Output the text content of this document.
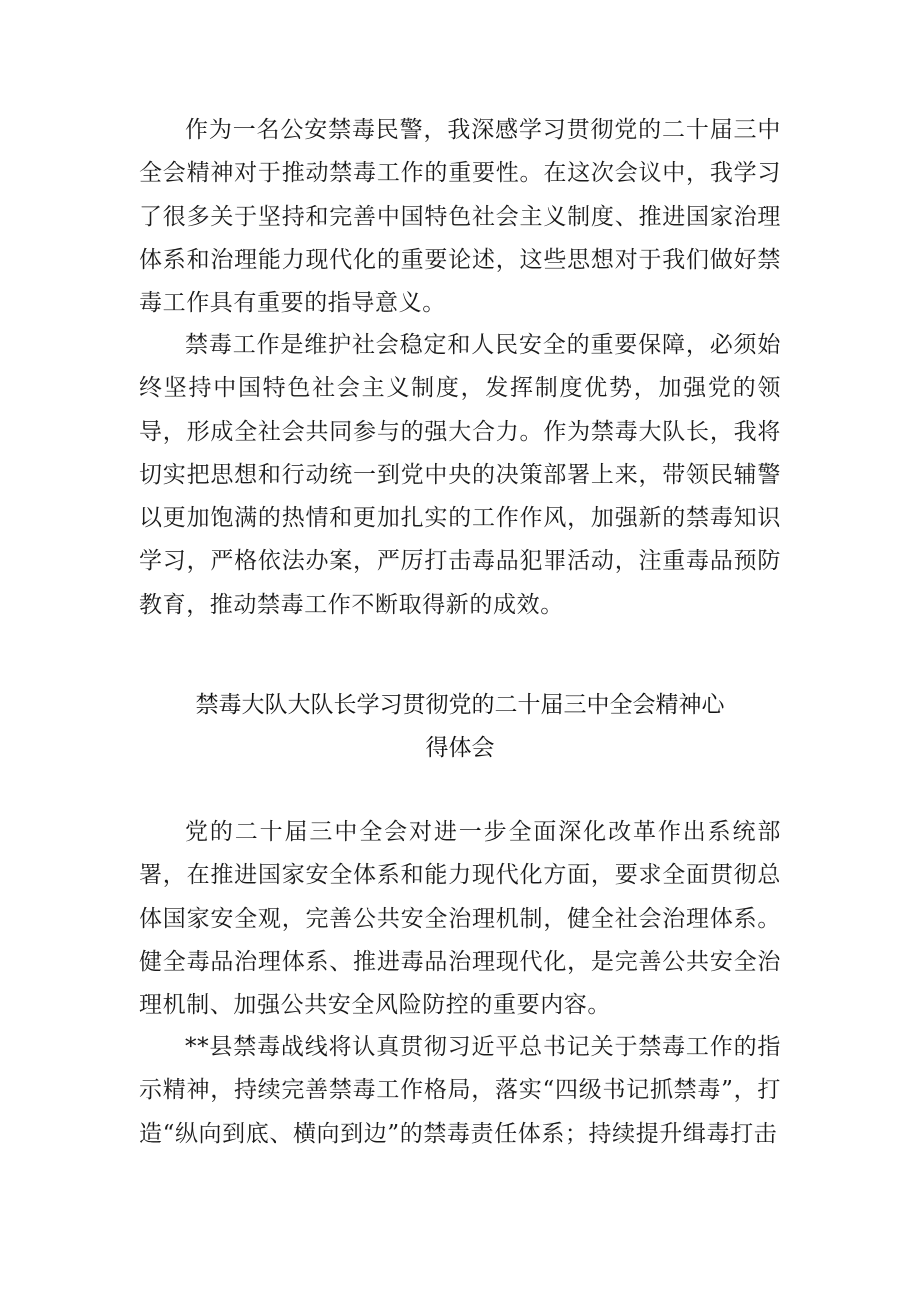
作为一名公安禁毒民警，我深感学习贯彻党的二十届三中全会精神对于推动禁毒工作的重要性。在这次会议中，我学习了很多关于坚持和完善中国特色社会主义制度、推进国家治理体系和治理能力现代化的重要论述，这些思想对于我们做好禁毒工作具有重要的指导意义。

禁毒工作是维护社会稳定和人民安全的重要保障，必须始终坚持中国特色社会主义制度，发挥制度优势，加强党的领导，形成全社会共同参与的强大合力。作为禁毒大队长，我将切实把思想和行动统一到党中央的决策部署上来，带领民辅警以更加饱满的热情和更加扎实的工作作风，加强新的禁毒知识学习，严格依法办案，严厉打击毒品犯罪活动，注重毒品预防教育，推动禁毒工作不断取得新的成效。

禁毒大队大队长学习贯彻党的二十届三中全会精神心
得体会

党的二十届三中全会对进一步全面深化改革作出系统部署，在推进国家安全体系和能力现代化方面，要求全面贯彻总体国家安全观，完善公共安全治理机制，健全社会治理体系。健全毒品治理体系、推进毒品治理现代化，是完善公共安全治理机制、加强公共安全风险防控的重要内容。

**县禁毒战线将认真贯彻习近平总书记关于禁毒工作的指示精神，持续完善禁毒工作格局，落实“四级书记抓禁毒”，打造“纵向到底、横向到边”的禁毒责任体系；持续提升缉毒打击
